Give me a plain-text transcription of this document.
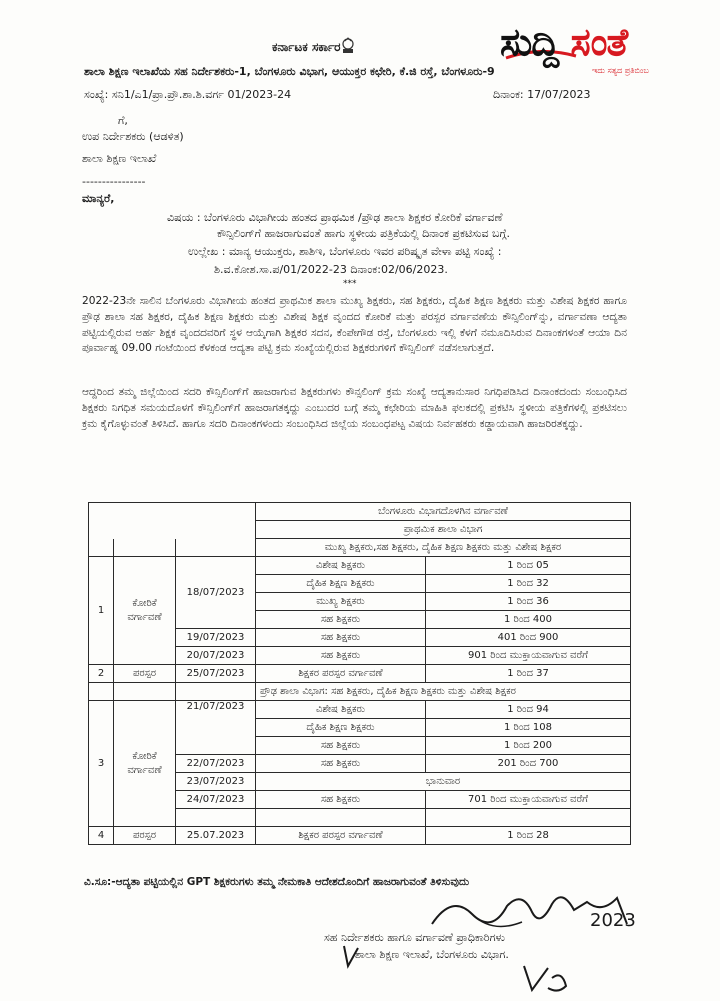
ಸುದ್ದಿ ಸಂತೆ
ಇದು ಸತ್ಯದ ಪ್ರತಿಬಿಂಬ
ಕರ್ನಾಟಕ ಸರ್ಕಾರ
ಶಾಲಾ ಶಿಕ್ಷಣ ಇಲಾಖೆಯ ಸಹ ನಿರ್ದೇಶಕರು-1, ಬೆಂಗಳೂರು ವಿಭಾಗ, ಆಯುಕ್ತರ ಕಛೇರಿ, ಕೆ.ಜಿ ರಸ್ತೆ, ಬೆಂಗಳೂರು-9
ಸಂಖ್ಯೆ: ಸನಿ1/ಎ1/ಪ್ರಾ.ಪ್ರೌ.ಶಾ.ಶಿ.ವರ್ಗ 01/2023-24	ದಿನಾಂಕ: 17/07/2023
ಗೆ,
ಉಪ ನಿರ್ದೇಶಕರು (ಆಡಳಿತ)
ಶಾಲಾ ಶಿಕ್ಷಣ ಇಲಾಖೆ
----------------
ಮಾನ್ಯರೆ,
ವಿಷಯ : ಬೆಂಗಳೂರು ವಿಭಾಗೀಯ ಹಂತದ ಪ್ರಾಥಮಿಕ /ಪ್ರೌಢ ಶಾಲಾ ಶಿಕ್ಷಕರ ಕೋರಿಕೆ ವರ್ಗಾವಣೆ
ಕೌನ್ಸಿಲಿಂಗ್‌ಗೆ ಹಾಜರಾಗುವಂತೆ ಹಾಗು ಸ್ಥಳೀಯ ಪತ್ರಿಕೆಯಲ್ಲಿ ದಿನಾಂಕ ಪ್ರಕಟಿಸುವ ಬಗ್ಗೆ.
ಉಲ್ಲೇಖ : ಮಾನ್ಯ ಆಯುಕ್ತರು, ಶಾಶಿಇ, ಬೆಂಗಳೂರು ಇವರ ಪರಿಷ್ಕೃತ ವೇಳಾ ಪಟ್ಟಿ ಸಂಖ್ಯೆ :
ಶಿ.ವ.ಕೋಶ.ಸಾ.ಪ/01/2022-23 ದಿನಾಂಕ:02/06/2023.
***
2022-23ನೇ ಸಾಲಿನ ಬೆಂಗಳೂರು ವಿಭಾಗೀಯ ಹಂತದ ಪ್ರಾಥಮಿಕ ಶಾಲಾ ಮುಖ್ಯ ಶಿಕ್ಷಕರು, ಸಹ ಶಿಕ್ಷಕರು, ದೈಹಿಕ ಶಿಕ್ಷಣ ಶಿಕ್ಷಕರು ಮತ್ತು ವಿಶೇಷ ಶಿಕ್ಷಕರ ಹಾಗೂ ಪ್ರೌಢ ಶಾಲಾ ಸಹ ಶಿಕ್ಷಕರ, ದೈಹಿಕ ಶಿಕ್ಷಣ ಶಿಕ್ಷಕರು ಮತ್ತು ವಿಶೇಷ ಶಿಕ್ಷಕ ವೃಂದದ ಕೋರಿಕೆ ಮತ್ತು ಪರಸ್ಪರ ವರ್ಗಾವಣೆಯ ಕೌನ್ಸಿಲಿಂಗ್‌ನ್ನು, ವರ್ಗಾವಣಾ ಆದ್ಯತಾ ಪಟ್ಟಿಯಲ್ಲಿರುವ ಅರ್ಹ ಶಿಕ್ಷಕ ವೃಂದದವರಿಗೆ ಸ್ಥಳ ಆಯ್ಕೆಗಾಗಿ ಶಿಕ್ಷಕರ ಸದನ, ಕೆಂಪೇಗೌಡ ರಸ್ತೆ, ಬೆಂಗಳೂರು ಇಲ್ಲಿ ಕೆಳಗೆ ನಮೂದಿಸಿರುವ ದಿನಾಂಕಗಳಂತೆ ಆಯಾ ದಿನ ಪೂರ್ವಾಹ್ನ 09.00 ಗಂಟೆಯಿಂದ ಕೆಳಕಂಡ ಆದ್ಯತಾ ಪಟ್ಟಿ ಕ್ರಮ ಸಂಖ್ಯೆಯಲ್ಲಿರುವ ಶಿಕ್ಷಕರುಗಳಿಗೆ ಕೌನ್ಸಿಲಿಂಗ್ ನಡೆಸಲಾಗುತ್ತದೆ.
ಆದ್ದರಿಂದ ತಮ್ಮ ಜಿಲ್ಲೆಯಿಂದ ಸದರಿ ಕೌನ್ಸಿಲಿಂಗ್‌ಗೆ ಹಾಜರಾಗುವ ಶಿಕ್ಷಕರುಗಳು ಕೌನ್ಸಲಿಂಗ್ ಕ್ರಮ ಸಂಖ್ಯೆ ಆದ್ಯತಾನುಸಾರ ನಿಗಧಿಪಡಿಸಿದ ದಿನಾಂಕದಂದು ಸಂಬಂಧಿಸಿದ ಶಿಕ್ಷಕರು ನಿಗಧಿತ ಸಮಯದೊಳಗೆ ಕೌನ್ಸಿಲಿಂಗ್‌ಗೆ ಹಾಜರಾಗತಕ್ಕದ್ದು ಎಂಬುದರ ಬಗ್ಗೆ ತಮ್ಮ ಕಛೇರಿಯ ಮಾಹಿತಿ ಫಲಕದಲ್ಲಿ ಪ್ರಕಟಿಸಿ ಸ್ಥಳೀಯ ಪತ್ರಿಕೆಗಳಲ್ಲಿ ಪ್ರಕಟಿಸಲು ಕ್ರಮ ಕೈಗೊಳ್ಳುವಂತೆ ತಿಳಿಸಿದೆ. ಹಾಗೂ ಸದರಿ ದಿನಾಂಕಗಳಂದು ಸಂಬಂಧಿಸಿದ ಜಿಲ್ಲೆಯ ಸಂಬಂಧಪಟ್ಟ ವಿಷಯ ನಿರ್ವಹಕರು ಕಡ್ಡಾಯವಾಗಿ ಹಾಜರಿರತಕ್ಕದ್ದು.
			ಬೆಂಗಳೂರು ವಿಭಾಗದೊಳಗಿನ ವರ್ಗಾವಣೆ	
			ಪ್ರಾಥಮಿಕ ಶಾಲಾ ವಿಭಾಗ	
			ಮುಖ್ಯ ಶಿಕ್ಷಕರು,ಸಹ ಶಿಕ್ಷಕರು, ದೈಹಿಕ ಶಿಕ್ಷಣ ಶಿಕ್ಷಕರು ಮತ್ತು ವಿಶೇಷ ಶಿಕ್ಷಕರ	
1	ಕೋರಿಕೆ ವರ್ಗಾವಣೆ	18/07/2023	ವಿಶೇಷ ಶಿಕ್ಷಕರು	1 ರಿಂದ 05
			ದೈಹಿಕ ಶಿಕ್ಷಣ ಶಿಕ್ಷಕರು	1 ರಿಂದ 32
			ಮುಖ್ಯ ಶಿಕ್ಷಕರು	1 ರಿಂದ 36
			ಸಹ ಶಿಕ್ಷಕರು	1 ರಿಂದ 400
		19/07/2023	ಸಹ ಶಿಕ್ಷಕರು	401 ರಿಂದ 900
		20/07/2023	ಸಹ ಶಿಕ್ಷಕರು	901 ರಿಂದ ಮುಕ್ತಾಯವಾಗುವ ವರೆಗೆ
2	ಪರಸ್ಪರ	25/07/2023	ಶಿಕ್ಷಕರ ಪರಸ್ಪರ ವರ್ಗಾವಣೆ	1 ರಿಂದ 37
			ಪ್ರೌಢ ಶಾಲಾ ವಿಭಾಗ: ಸಹ ಶಿಕ್ಷಕರು, ದೈಹಿಕ ಶಿಕ್ಷಣ ಶಿಕ್ಷಕರು ಮತ್ತು ವಿಶೇಷ ಶಿಕ್ಷಕರ	
3	ಕೋರಿಕೆ ವರ್ಗಾವಣೆ	21/07/2023	ವಿಶೇಷ ಶಿಕ್ಷಕರು	1 ರಿಂದ 94
			ದೈಹಿಕ ಶಿಕ್ಷಣ ಶಿಕ್ಷಕರು	1 ರಿಂದ 108
			ಸಹ ಶಿಕ್ಷಕರು	1 ರಿಂದ 200
		22/07/2023	ಸಹ ಶಿಕ್ಷಕರು	201 ರಿಂದ 700
		23/07/2023	ಭಾನುವಾರ	
		24/07/2023	ಸಹ ಶಿಕ್ಷಕರು	701 ರಿಂದ ಮುಕ್ತಾಯವಾಗುವ ವರೆಗೆ

4	ಪರಸ್ಪರ	25.07.2023	ಶಿಕ್ಷಕರ ಪರಸ್ಪರ ವರ್ಗಾವಣೆ	1 ರಿಂದ 28
ವಿ.ಸೂ:-ಆದ್ಯತಾ ಪಟ್ಟಿಯಲ್ಲಿನ GPT ಶಿಕ್ಷಕರುಗಳು ತಮ್ಮ ನೇಮಕಾತಿ ಆದೇಶದೊಂದಿಗೆ ಹಾಜರಾಗುವಂತೆ ತಿಳಿಸುವುದು
2023
ಸಹ ನಿರ್ದೇಶಕರು ಹಾಗೂ ವರ್ಗಾವಣೆ ಪ್ರಾಧಿಕಾರಿಗಳು
ಶಾಲಾ ಶಿಕ್ಷಣ ಇಲಾಖೆ, ಬೆಂಗಳೂರು ವಿಭಾಗ.
